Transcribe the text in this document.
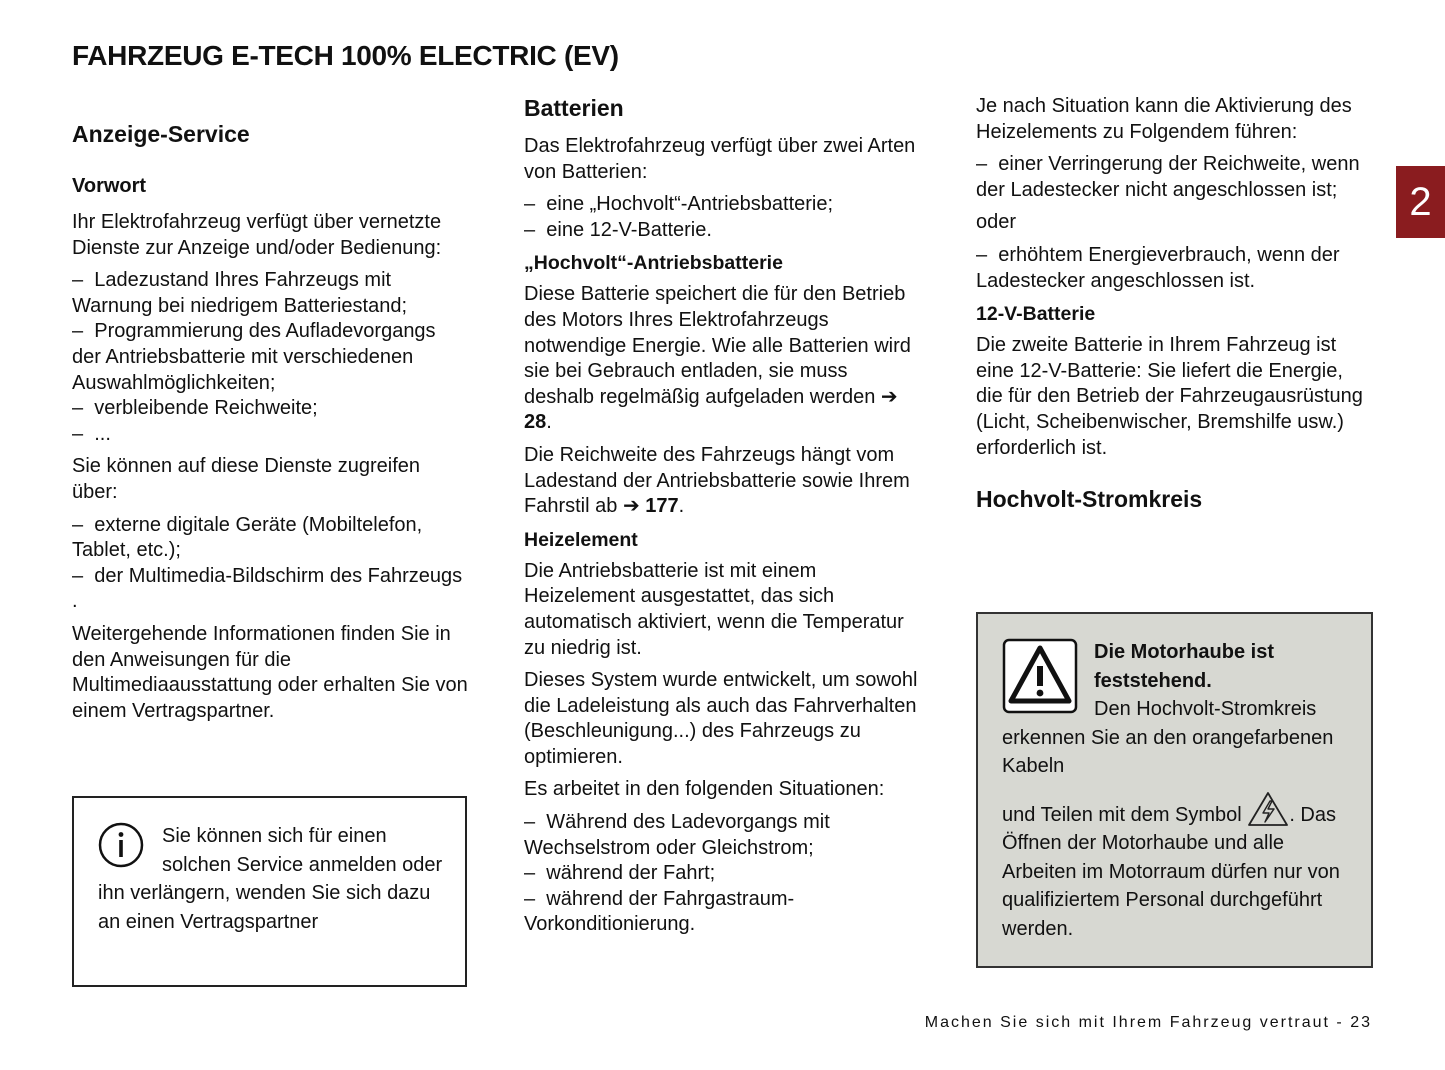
FAHRZEUG E-TECH 100% ELECTRIC (EV)
2
Anzeige-Service
Vorwort

Ihr Elektrofahrzeug verfügt über vernetzte Dienste zur Anzeige und/oder Bedienung:

–  Ladezustand Ihres Fahrzeugs mit Warnung bei niedrigem Batteriestand;
–  Programmierung des Aufladevorgangs der Antriebsbatterie mit verschiedenen Auswahlmöglichkeiten;
–  verbleibende Reichweite;
–  ...

Sie können auf diese Dienste zugreifen über:

–  externe digitale Geräte (Mobiltelefon, Tablet, etc.);
–  der Multimedia-Bildschirm des Fahrzeugs .

Weitergehende Informationen finden Sie in den Anweisungen für die Multimediaausstattung oder erhalten Sie von einem Vertragspartner.

Sie können sich für einen solchen Service anmelden oder ihn verlängern, wenden Sie sich dazu an einen Vertragspartner
Batterien

Das Elektrofahrzeug verfügt über zwei Arten von Batterien:

–  eine „Hochvolt“-Antriebsbatterie;
–  eine 12-V-Batterie.
„Hochvolt“-Antriebsbatterie

Diese Batterie speichert die für den Betrieb des Motors Ihres Elektrofahrzeugs notwendige Energie. Wie alle Batterien wird sie bei Gebrauch entladen, sie muss deshalb regelmäßig aufgeladen werden ➔ 28.

Die Reichweite des Fahrzeugs hängt vom Ladestand der Antriebsbatterie sowie Ihrem Fahrstil ab ➔ 177.

Heizelement

Die Antriebsbatterie ist mit einem Heizelement ausgestattet, das sich automatisch aktiviert, wenn die Temperatur zu niedrig ist.

Dieses System wurde entwickelt, um sowohl die Ladeleistung als auch das Fahrverhalten (Beschleunigung...) des Fahrzeugs zu optimieren.

Es arbeitet in den folgenden Situationen:

–  Während des Ladevorgangs mit Wechselstrom oder Gleichstrom;
–  während der Fahrt;
–  während der Fahrgastraum-Vorkonditionierung.

Je nach Situation kann die Aktivierung des Heizelements zu Folgendem führen:

–  einer Verringerung der Reichweite, wenn der Ladestecker nicht angeschlossen ist;

oder

–  erhöhtem Energieverbrauch, wenn der Ladestecker angeschlossen ist.
12-V-Batterie

Die zweite Batterie in Ihrem Fahrzeug ist eine 12-V-Batterie: Sie liefert die Energie, die für den Betrieb der Fahrzeugausrüstung (Licht, Scheibenwischer, Bremshilfe usw.) erforderlich ist.

Hochvolt-Stromkreis
Die Motorhaube ist feststehend.
Den Hochvolt-Stromkreis erkennen Sie an den orangefarbenen Kabeln
und Teilen mit dem Symbol . Das Öffnen der Motorhaube und alle Arbeiten im Motorraum dürfen nur von qualifiziertem Personal durchgeführt werden.
Machen Sie sich mit Ihrem Fahrzeug vertraut - 23
